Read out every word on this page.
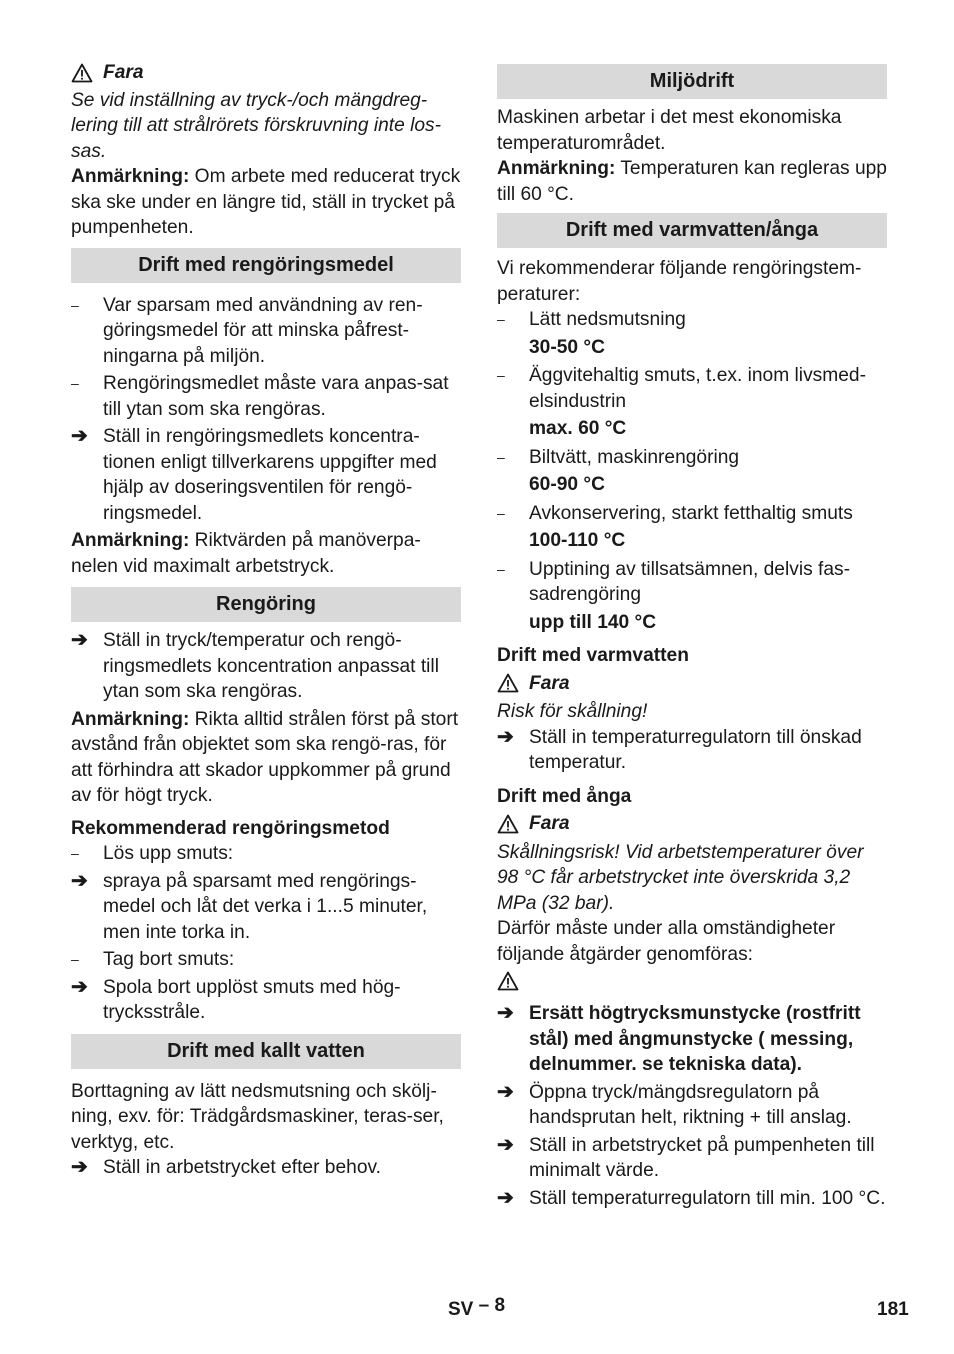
Fara

Se vid inställning av tryck-/och mängdreg-lering till att strålrörets förskruvning inte los-sas.

Anmärkning: Om arbete med reducerat tryck ska ske under en längre tid, ställ in trycket på pumpenheten.

Drift med rengöringsmedel
–	Var sparsam med användning av ren-göringsmedel för att minska påfrest-ningarna på miljön.
–	Rengöringsmedlet måste vara anpas-sat till ytan som ska rengöras.
➔ Ställ in rengöringsmedlets koncentra-tionen enligt tillverkarens uppgifter med hjälp av doseringsventilen för rengö-ringsmedel.

Anmärkning: Riktvärden på manöverpa-nelen vid maximalt arbetstryck.

Rengöring
➔ Ställ in tryck/temperatur och rengö-ringsmedlets koncentration anpassat till ytan som ska rengöras.

Anmärkning: Rikta alltid strålen först på stort avstånd från objektet som ska rengö-ras, för att förhindra att skador uppkommer på grund av för högt tryck.

Rekommenderad rengöringsmetod

–	Lös upp smuts:
➔ spraya på sparsamt med rengörings-medel och låt det verka i 1...5 minuter, men inte torka in.
–	Tag bort smuts:
➔ Spola bort upplöst smuts med hög-trycksstråle.
Drift med kallt vatten

Borttagning av lätt nedsmutsning och skölj-ning, exv. för: Trädgårdsmaskiner, teras-ser, verktyg, etc.

➔ Ställ in arbetstrycket efter behov.
Miljödrift

Maskinen arbetar i det mest ekonomiska temperaturområdet.

Anmärkning: Temperaturen kan regleras upp till 60 °C.

Drift med varmvatten/ånga

Vi rekommenderar följande rengöringstem-peraturer:

–	Lätt nedsmutsning

30-50 °C

–	Äggvitehaltig smuts, t.ex. inom livsmed-elsindustrin

max. 60 °C

–	Biltvätt, maskinrengöring

60-90 °C

–	Avkonservering, starkt fetthaltig smuts

100-110 °C

–	Upptining av tillsatsämnen, delvis fas-sadrengöring

upp till 140 °C

Drift med varmvatten

Fara

Risk för skållning!

➔ Ställ in temperaturregulatorn till önskad temperatur.

Drift med ånga

Fara

Skållningsrisk! Vid arbetstemperaturer över 98 °C får arbetstrycket inte överskrida 3,2 MPa (32 bar).

Därför måste under alla omständigheter följande åtgärder genomföras:

➔ Ersätt högtrycksmunstycke (rostfritt stål) med ångmunstycke ( messing, delnummer. se tekniska data).
➔ Öppna tryck/mängdsregulatorn på handsprutan helt, riktning + till anslag.
➔ Ställ in arbetstrycket på pumpenheten till minimalt värde.
➔ Ställ temperaturregulatorn till min. 100 °C.
SV – 8	181
